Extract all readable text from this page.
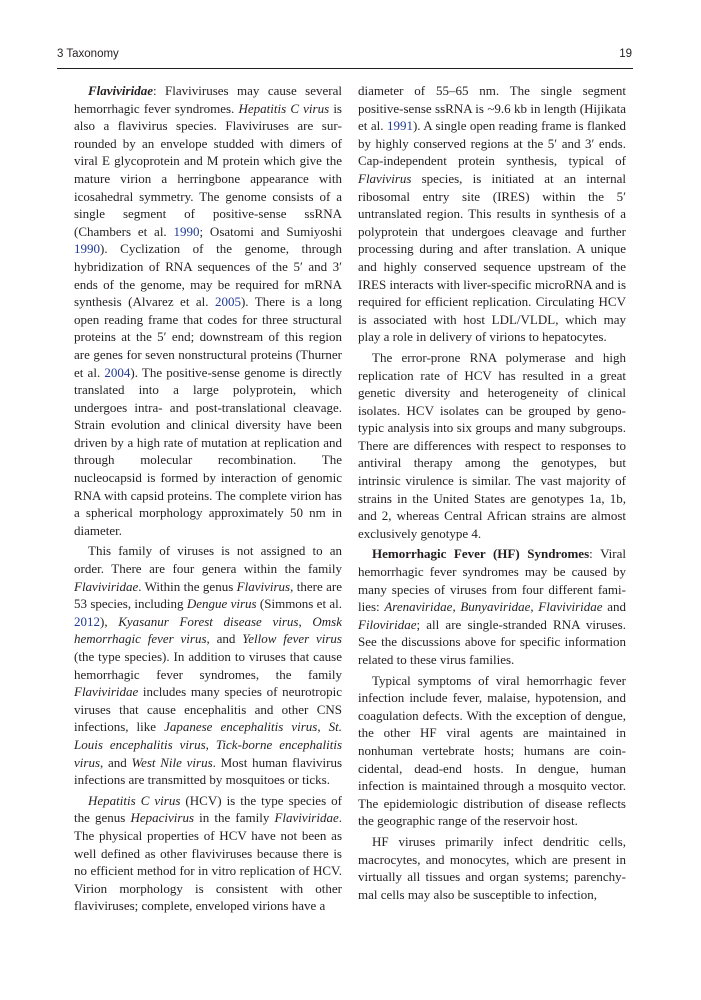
3 Taxonomy	19

Flaviviridae: Flaviviruses may cause several hemorrhagic fever syndromes. Hepatitis C virus is also a flavivirus species. Flaviviruses are surrounded by an envelope studded with dimers of viral E glycoprotein and M protein which give the mature virion a herringbone appearance with icosahedral symmetry. The genome consists of a single segment of positive-sense ssRNA (Chambers et al. 1990; Osatomi and Sumiyoshi 1990). Cyclization of the genome, through hybridization of RNA sequences of the 5′ and 3′ ends of the genome, may be required for mRNA synthesis (Alvarez et al. 2005). There is a long open reading frame that codes for three structural proteins at the 5′ end; downstream of this region are genes for seven nonstructural proteins (Thurner et al. 2004). The positive-sense genome is directly translated into a large polyprotein, which undergoes intra- and post-translational cleavage. Strain evolution and clinical diversity have been driven by a high rate of mutation at replication and through molecular recombination. The nucleocapsid is formed by interaction of genomic RNA with capsid proteins. The complete virion has a spherical morphology approximately 50 nm in diameter.

This family of viruses is not assigned to an order. There are four genera within the family Flaviviridae. Within the genus Flavivirus, there are 53 species, including Dengue virus (Simmons et al. 2012), Kyasanur Forest disease virus, Omsk hemorrhagic fever virus, and Yellow fever virus (the type species). In addition to viruses that cause hemorrhagic fever syndromes, the family Flaviviridae includes many species of neurotropic viruses that cause encephalitis and other CNS infections, like Japanese encephalitis virus, St. Louis encephalitis virus, Tick-borne encephalitis virus, and West Nile virus. Most human flavivirus infections are transmitted by mosquitoes or ticks.

Hepatitis C virus (HCV) is the type species of the genus Hepacivirus in the family Flaviviridae. The physical properties of HCV have not been as well defined as other flaviviruses because there is no efficient method for in vitro replication of HCV. Virion morphology is consistent with other flaviviruses; complete, enveloped virions have a

diameter of 55–65 nm. The single segment positive-sense ssRNA is ~9.6 kb in length (Hijikata et al. 1991). A single open reading frame is flanked by highly conserved regions at the 5′ and 3′ ends. Cap-independent protein synthesis, typical of Flavivirus species, is initiated at an internal ribosomal entry site (IRES) within the 5′ untranslated region. This results in synthesis of a polyprotein that undergoes cleavage and further processing during and after translation. A unique and highly conserved sequence upstream of the IRES interacts with liver-specific microRNA and is required for efficient replication. Circulating HCV is associated with host LDL/VLDL, which may play a role in delivery of virions to hepatocytes.

The error-prone RNA polymerase and high replication rate of HCV has resulted in a great genetic diversity and heterogeneity of clinical isolates. HCV isolates can be grouped by genotypic analysis into six groups and many subgroups. There are differences with respect to responses to antiviral therapy among the genotypes, but intrinsic virulence is similar. The vast majority of strains in the United States are genotypes 1a, 1b, and 2, whereas Central African strains are almost exclusively genotype 4.

Hemorrhagic Fever (HF) Syndromes: Viral hemorrhagic fever syndromes may be caused by many species of viruses from four different families: Arenaviridae, Bunyaviridae, Flaviviridae and Filoviridae; all are single-stranded RNA viruses. See the discussions above for specific information related to these virus families.

Typical symptoms of viral hemorrhagic fever infection include fever, malaise, hypotension, and coagulation defects. With the exception of dengue, the other HF viral agents are maintained in nonhuman vertebrate hosts; humans are coincidental, dead-end hosts. In dengue, human infection is maintained through a mosquito vector. The epidemiologic distribution of disease reflects the geographic range of the reservoir host.

HF viruses primarily infect dendritic cells, macrocytes, and monocytes, which are present in virtually all tissues and organ systems; parenchymal cells may also be susceptible to infection,
